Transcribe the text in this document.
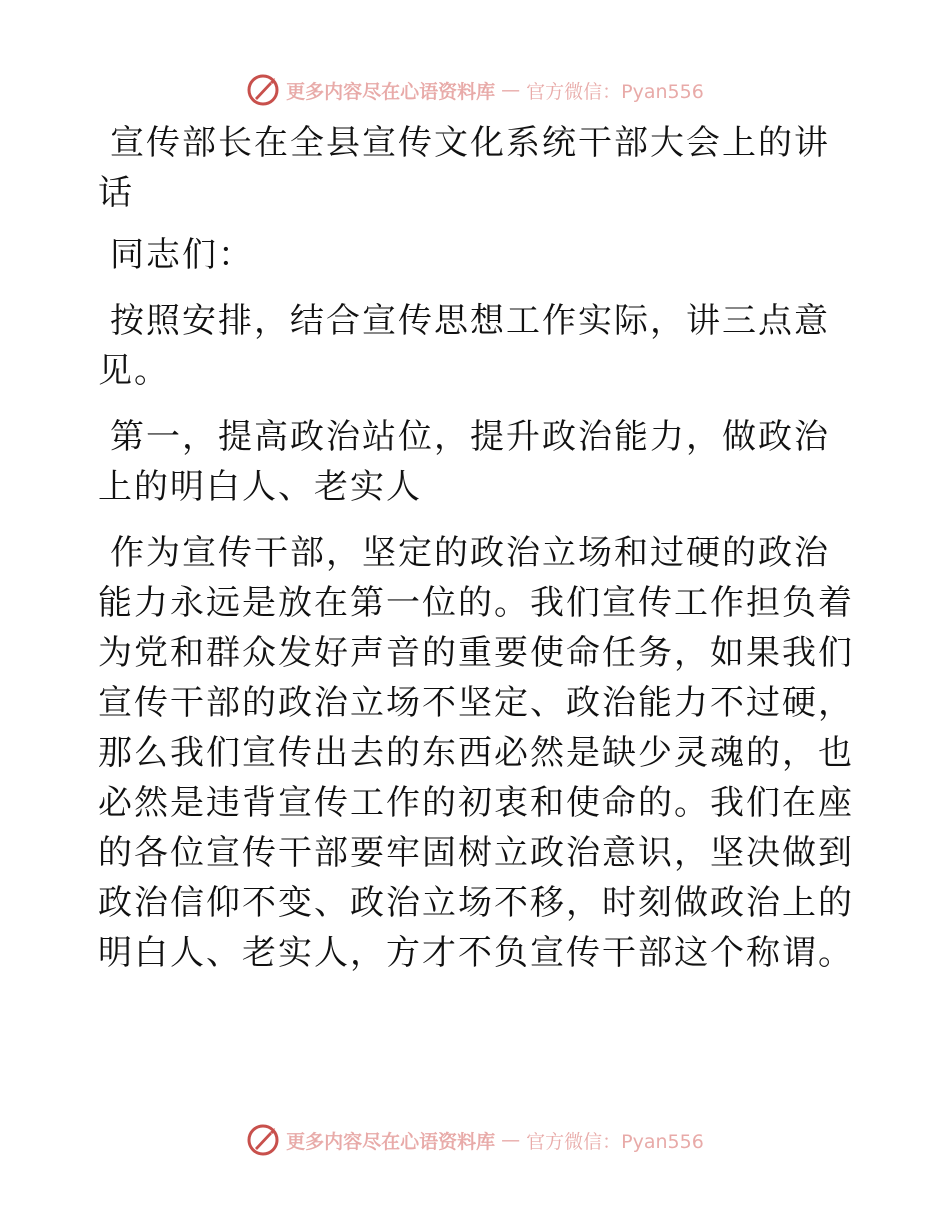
更多内容尽在心语资料库 — 官方微信：Pyan556

宣传部长在全县宣传文化系统干部大会上的讲话

同志们：

按照安排，结合宣传思想工作实际，讲三点意见。

第一，提高政治站位，提升政治能力，做政治上的明白人、老实人

作为宣传干部，坚定的政治立场和过硬的政治能力永远是放在第一位的。我们宣传工作担负着为党和群众发好声音的重要使命任务，如果我们宣传干部的政治立场不坚定、政治能力不过硬，那么我们宣传出去的东西必然是缺少灵魂的，也必然是违背宣传工作的初衷和使命的。我们在座的各位宣传干部要牢固树立政治意识，坚决做到政治信仰不变、政治立场不移，时刻做政治上的明白人、老实人，方才不负宣传干部这个称谓。

更多内容尽在心语资料库 — 官方微信：Pyan556
